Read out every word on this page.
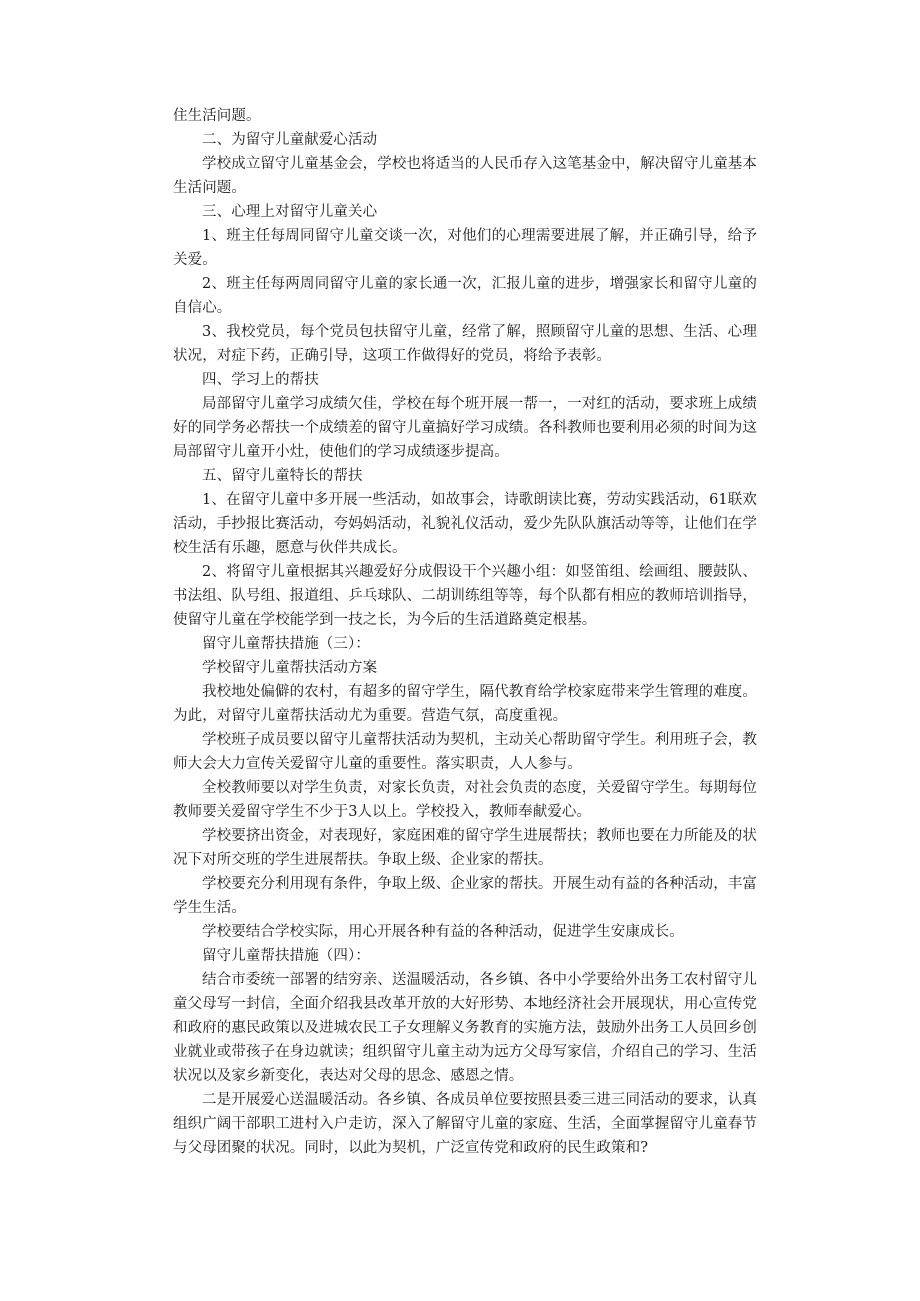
住生活问题。

二、为留守儿童献爱心活动

学校成立留守儿童基金会，学校也将适当的人民币存入这笔基金中，解决留守儿童基本生活问题。

三、心理上对留守儿童关心

1、班主任每周同留守儿童交谈一次，对他们的心理需要进展了解，并正确引导，给予关爱。

2、班主任每两周同留守儿童的家长通一次，汇报儿童的进步，增强家长和留守儿童的自信心。

3、我校党员，每个党员包扶留守儿童，经常了解，照顾留守儿童的思想、生活、心理状况，对症下药，正确引导，这项工作做得好的党员，将给予表彰。

四、学习上的帮扶

局部留守儿童学习成绩欠佳，学校在每个班开展一帮一，一对红的活动，要求班上成绩好的同学务必帮扶一个成绩差的留守儿童搞好学习成绩。各科教师也要利用必须的时间为这局部留守儿童开小灶，使他们的学习成绩逐步提高。

五、留守儿童特长的帮扶

1、在留守儿童中多开展一些活动，如故事会，诗歌朗读比赛，劳动实践活动，61联欢活动，手抄报比赛活动，夸妈妈活动，礼貌礼仪活动，爱少先队队旗活动等等，让他们在学校生活有乐趣，愿意与伙伴共成长。

2、将留守儿童根据其兴趣爱好分成假设干个兴趣小组：如竖笛组、绘画组、腰鼓队、书法组、队号组、报道组、乒乓球队、二胡训练组等等，每个队都有相应的教师培训指导，使留守儿童在学校能学到一技之长，为今后的生活道路奠定根基。

留守儿童帮扶措施（三）：

学校留守儿童帮扶活动方案

我校地处偏僻的农村，有超多的留守学生，隔代教育给学校家庭带来学生管理的难度。为此，对留守儿童帮扶活动尤为重要。营造气氛，高度重视。

学校班子成员要以留守儿童帮扶活动为契机，主动关心帮助留守学生。利用班子会，教师大会大力宣传关爱留守儿童的重要性。落实职责，人人参与。

全校教师要以对学生负责，对家长负责，对社会负责的态度，关爱留守学生。每期每位教师要关爱留守学生不少于3人以上。学校投入，教师奉献爱心。

学校要挤出资金，对表现好，家庭困难的留守学生进展帮扶；教师也要在力所能及的状况下对所交班的学生进展帮扶。争取上级、企业家的帮扶。

学校要充分利用现有条件，争取上级、企业家的帮扶。开展生动有益的各种活动，丰富学生生活。

学校要结合学校实际，用心开展各种有益的各种活动，促进学生安康成长。

留守儿童帮扶措施（四）：

结合市委统一部署的结穷亲、送温暖活动，各乡镇、各中小学要给外出务工农村留守儿童父母写一封信，全面介绍我县改革开放的大好形势、本地经济社会开展现状，用心宣传党和政府的惠民政策以及进城农民工子女理解义务教育的实施方法，鼓励外出务工人员回乡创业就业或带孩子在身边就读；组织留守儿童主动为远方父母写家信，介绍自己的学习、生活状况以及家乡新变化，表达对父母的思念、感恩之情。

二是开展爱心送温暖活动。各乡镇、各成员单位要按照县委三进三同活动的要求，认真组织广阔干部职工进村入户走访，深入了解留守儿童的家庭、生活，全面掌握留守儿童春节与父母团聚的状况。同时，以此为契机，广泛宣传党和政府的民生政策和?
